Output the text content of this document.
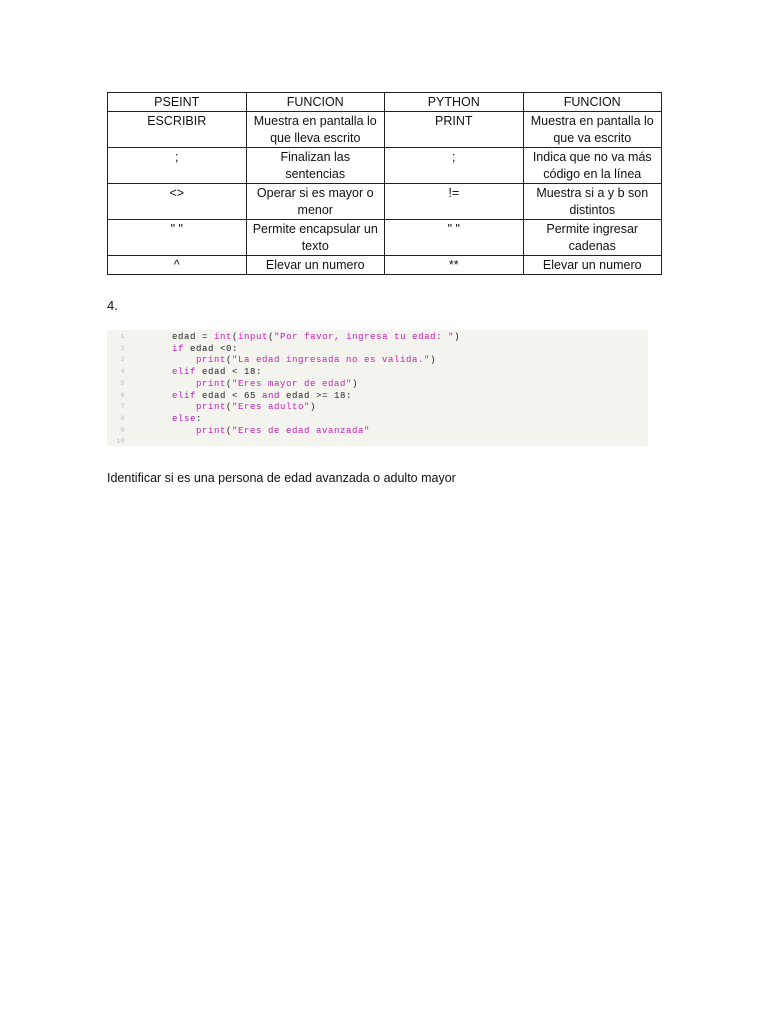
PSEINT	FUNCION	PYTHON	FUNCION
ESCRIBIR	Muestra en pantalla lo que lleva escrito	PRINT	Muestra en pantalla lo que va escrito
;	Finalizan las sentencias	;	Indica que no va más código en la línea
<>	Operar si es mayor o menor	!=	Muestra si a y b son distintos
" "	Permite encapsular un texto	" "	Permite ingresar cadenas
^	Elevar un numero	**	Elevar un numero
4.
1	edad = int(input("Por favor, ingresa tu edad: ")
2	if edad <0:
3	print("La edad ingresada no es valida.")
4	elif edad < 18:
5	print("Eres mayor de edad")
6	elif edad < 65 and edad >= 18:
7	print("Eres adulto")
8	else:
9	print("Eres de edad avanzada"
10
Identificar si es una persona de edad avanzada o adulto mayor
